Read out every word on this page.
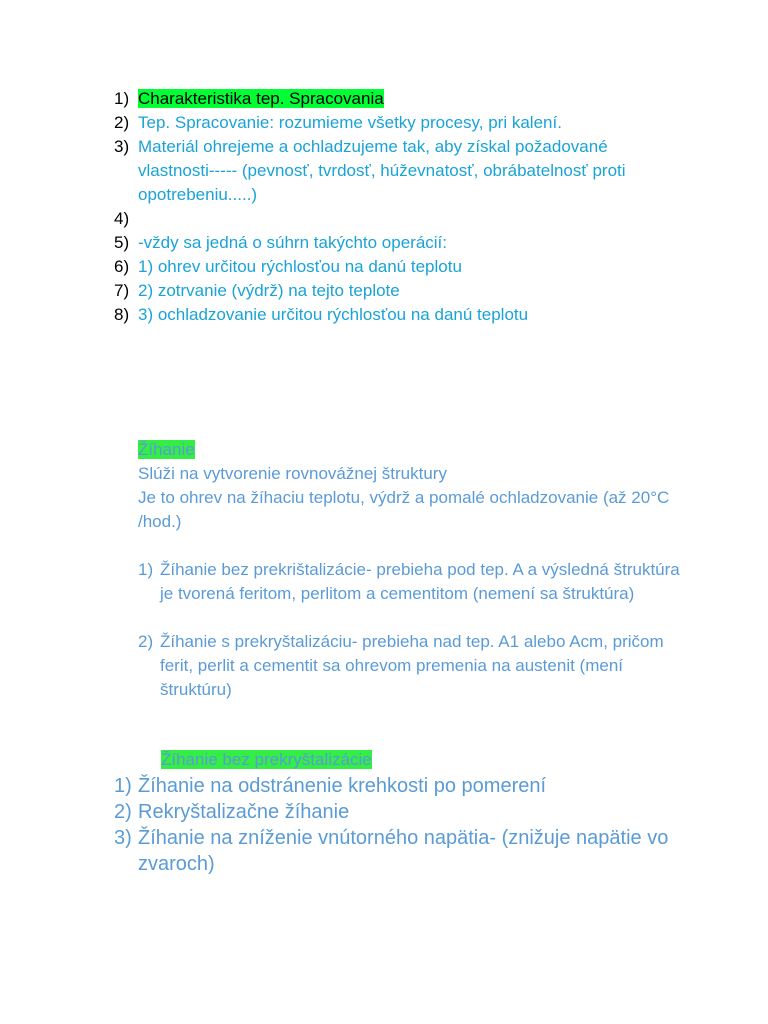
1) Charakteristika tep. Spracovania
2) Tep. Spracovanie: rozumieme všetky procesy, pri kalení.
3) Materiál ohrejeme a ochladzujeme tak, aby získal požadované vlastnosti----- (pevnosť, tvrdosť, húževnatosť, obrábatelnosť proti opotrebeniu.....)
4)
5) -vždy sa jedná o súhrn takýchto operácií:
6) 1) ohrev určitou rýchlosťou na danú teplotu
7) 2) zotrvanie (výdrž) na tejto teplote
8) 3) ochladzovanie určitou rýchlosťou na danú teplotu
Žíhanie
Slúži na vytvorenie rovnovážnej štruktury
Je to ohrev na žíhaciu teplotu, výdrž a pomalé ochladzovanie (až 20°C /hod.)
1) Žíhanie bez prekrištalizácie- prebieha pod tep. A a výsledná štruktúra je tvorená feritom, perlitom a cementitom (nemení sa štruktúra)
2) Žíhanie s prekryštalizáciu- prebieha nad tep. A1 alebo Acm, pričom ferit, perlit a cementit sa ohrevom premenia na austenit (mení štruktúru)
Žíhanie bez prekryštalizácie
1) Žíhanie na odstránenie krehkosti po pomerení
2) Rekryštalizačne žíhanie
3) Žíhanie na zníženie vnútorného napätia- (znižuje napätie vo zvaroch)
